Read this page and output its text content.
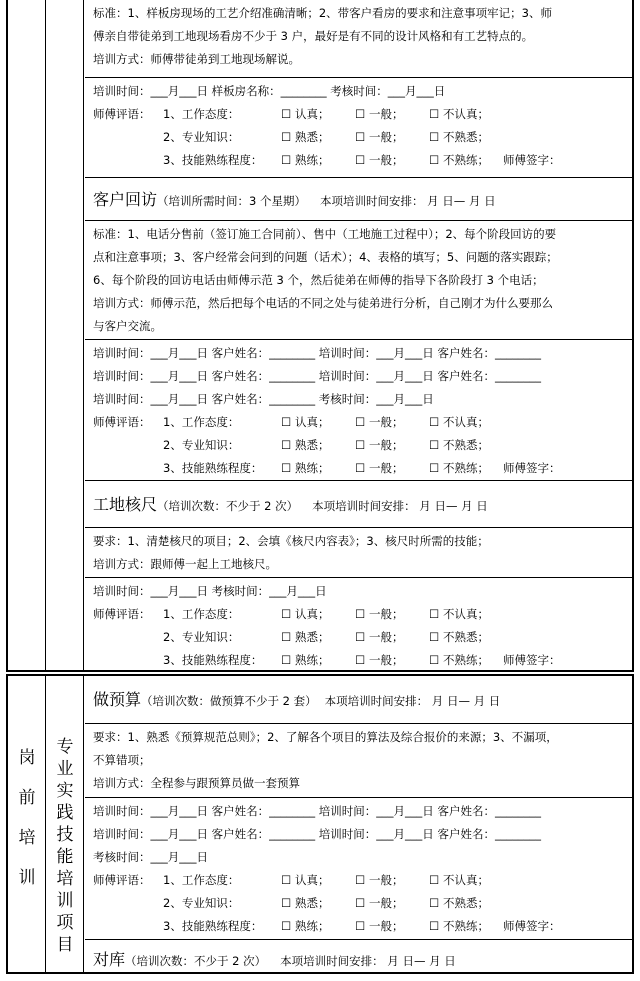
标准：1、样板房现场的工艺介绍准确清晰；2、带客户看房的要求和注意事项牢记；3、师
傅亲自带徒弟到工地现场看房不少于 3 户，最好是有不同的设计风格和有工艺特点的。
培训方式：师傅带徒弟到工地现场解说。
培训时间：___月___日 样板房名称：________ 考核时间：___月___日
师傅评语： 1、工作态度：	☐ 认真； ☐ 一般； ☐ 不认真；
2、专业知识：	☐ 熟悉； ☐ 一般； ☐ 不熟悉；
3、技能熟练程度： ☐ 熟练； ☐ 一般； ☐ 不熟练； 师傅签字：
客户回访（培训所需时间：3 个星期） 本项培训时间安排： 月 日— 月 日
标准：1、电话分售前（签订施工合同前）、售中（工地施工过程中）；2、每个阶段回访的要
点和注意事项；3、客户经常会问到的问题（话术）；4、表格的填写；5、问题的落实跟踪；
6、每个阶段的回访电话由师傅示范 3 个，然后徒弟在师傅的指导下各阶段打 3 个电话；
培训方式：师傅示范，然后把每个电话的不同之处与徒弟进行分析，自己刚才为什么要那么
与客户交流。
培训时间：___月___日 客户姓名：________ 培训时间：___月___日 客户姓名：________
培训时间：___月___日 客户姓名：________ 培训时间：___月___日 客户姓名：________
培训时间：___月___日 客户姓名：________ 考核时间：___月___日
师傅评语： 1、工作态度：	☐ 认真； ☐ 一般； ☐ 不认真；
2、专业知识：	☐ 熟悉； ☐ 一般； ☐ 不熟悉；
3、技能熟练程度： ☐ 熟练； ☐ 一般； ☐ 不熟练； 师傅签字：
工地核尺（培训次数：不少于 2 次） 本项培训时间安排： 月 日— 月 日
要求：1、清楚核尺的项目；2、会填《核尺内容表》；3、核尺时所需的技能；
培训方式：跟师傅一起上工地核尺。
培训时间：___月___日 考核时间：___月___日
师傅评语： 1、工作态度：	☐ 认真； ☐ 一般； ☐ 不认真；
2、专业知识：	☐ 熟悉； ☐ 一般； ☐ 不熟悉；
3、技能熟练程度： ☐ 熟练； ☐ 一般； ☐ 不熟练； 师傅签字：
岗
前
培
训
专
业
实
践
技
能
培
训
项
目
做预算（培训次数：做预算不少于 2 套） 本项培训时间安排： 月 日— 月 日
要求：1、熟悉《预算规范总则》；2、了解各个项目的算法及综合报价的来源；3、不漏项，
不算错项；
培训方式：全程参与跟预算员做一套预算
培训时间：___月___日 客户姓名：________ 培训时间：___月___日 客户姓名：________
培训时间：___月___日 客户姓名：________ 培训时间：___月___日 客户姓名：________
考核时间：___月___日
师傅评语： 1、工作态度：	☐ 认真； ☐ 一般； ☐ 不认真；
2、专业知识：	☐ 熟悉； ☐ 一般； ☐ 不熟悉；
3、技能熟练程度： ☐ 熟练； ☐ 一般； ☐ 不熟练； 师傅签字：
对库（培训次数：不少于 2 次） 本项培训时间安排： 月 日— 月 日
